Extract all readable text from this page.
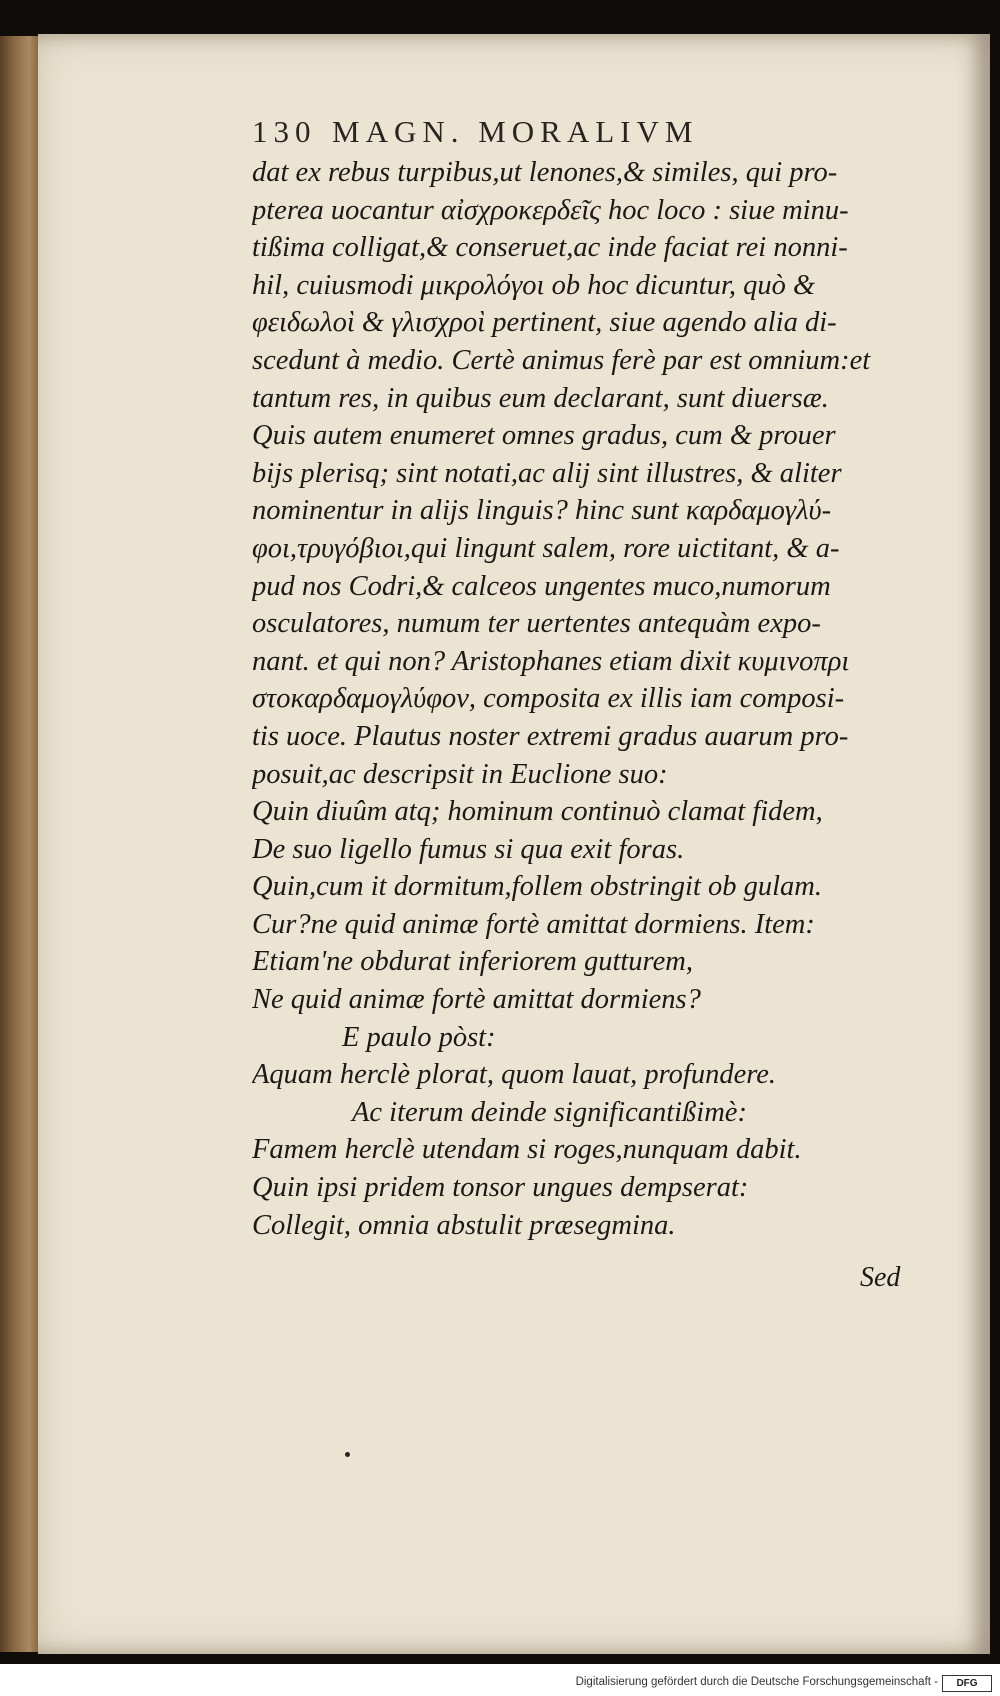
130 MAGN. MORALIVM
dat ex rebus turpibus,ut lenones,& similes, qui pro-
pterea uocantur αἰσχροκερδεῖς hoc loco : siue minu-
tißima colligat,& conseruet,ac inde faciat rei nonni-
hil, cuiusmodi μικρολόγοι ob hoc dicuntur, quò &
φειδωλοὶ & γλισχροὶ pertinent, siue agendo alia di-
scedunt à medio. Certè animus ferè par est omnium:et
tantum res, in quibus eum declarant, sunt diuersæ.
Quis autem enumeret omnes gradus, cum & prouer
bijs plerisq; sint notati,ac alij sint illustres, & aliter
nominentur in alijs linguis? hinc sunt καρδαμογλύ-
φοι,τρυγόβιοι,qui lingunt salem, rore uictitant, & a-
pud nos Codri,& calceos ungentes muco,numorum
osculatores, numum ter uertentes antequàm expo-
nant. et qui non? Aristophanes etiam dixit κυμινοπρι
στοκαρδαμογλύφον, composita ex illis iam composi-
tis uoce. Plautus noster extremi gradus auarum pro-
posuit,ac descripsit in Euclione suo:
Quin diuûm atq; hominum continuò clamat fidem,
De suo ligello fumus si qua exit foras.
Quin,cum it dormitum,follem obstringit ob gulam.
Cur?ne quid animæ fortè amittat dormiens. Item:
Etiam'ne obdurat inferiorem gutturem,
Ne quid animæ fortè amittat dormiens?
E paulo pòst:
Aquam herclè plorat, quom lauat, profundere.
Ac iterum deinde significantißimè:
Famem herclè utendam si roges,nunquam dabit.
Quin ipsi pridem tonsor ungues dempserat:
Collegit, omnia abstulit præsegmina.
Sed
Digitalisierung gefördert durch die Deutsche Forschungsgemeinschaft -	DFG
